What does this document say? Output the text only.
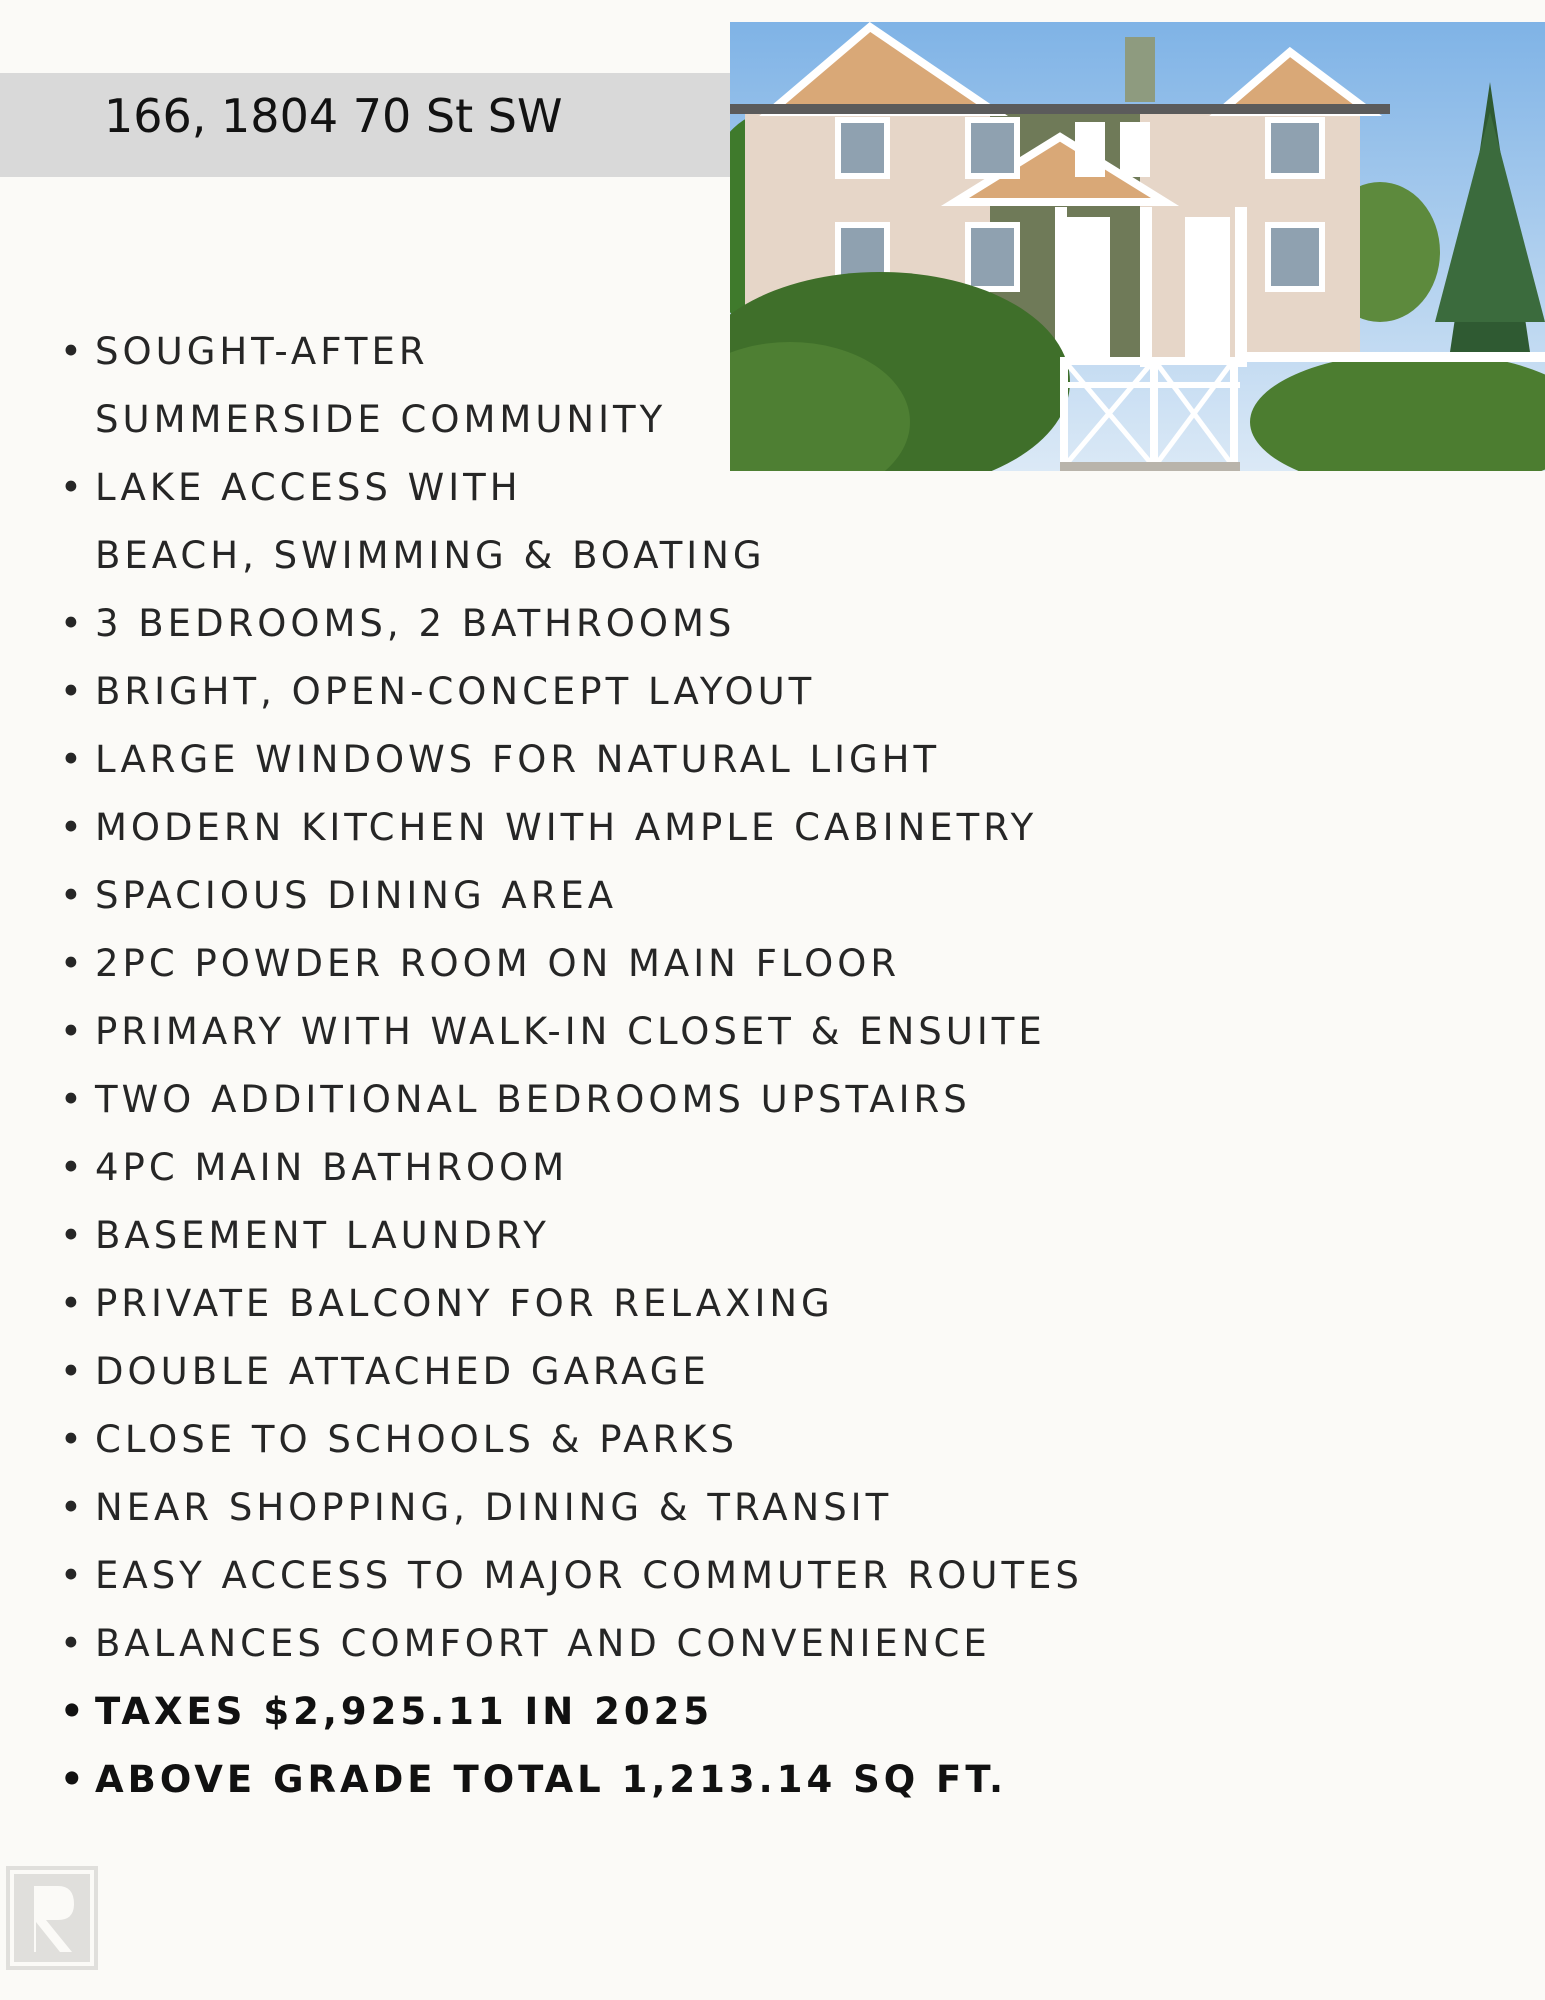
166, 1804 70 St SW
• SOUGHT-AFTER
SUMMERSIDE COMMUNITY
• LAKE ACCESS WITH
BEACH, SWIMMING & BOATING
• 3 BEDROOMS, 2 BATHROOMS
• BRIGHT, OPEN-CONCEPT LAYOUT
• LARGE WINDOWS FOR NATURAL LIGHT
• MODERN KITCHEN WITH AMPLE CABINETRY
• SPACIOUS DINING AREA
• 2PC POWDER ROOM ON MAIN FLOOR
• PRIMARY WITH WALK-IN CLOSET & ENSUITE
• TWO ADDITIONAL BEDROOMS UPSTAIRS
• 4PC MAIN BATHROOM
• BASEMENT LAUNDRY
• PRIVATE BALCONY FOR RELAXING
• DOUBLE ATTACHED GARAGE
• CLOSE TO SCHOOLS & PARKS
• NEAR SHOPPING, DINING & TRANSIT
• EASY ACCESS TO MAJOR COMMUTER ROUTES
• BALANCES COMFORT AND CONVENIENCE
• TAXES $2,925.11 IN 2025
• ABOVE GRADE TOTAL 1,213.14 SQ FT.
